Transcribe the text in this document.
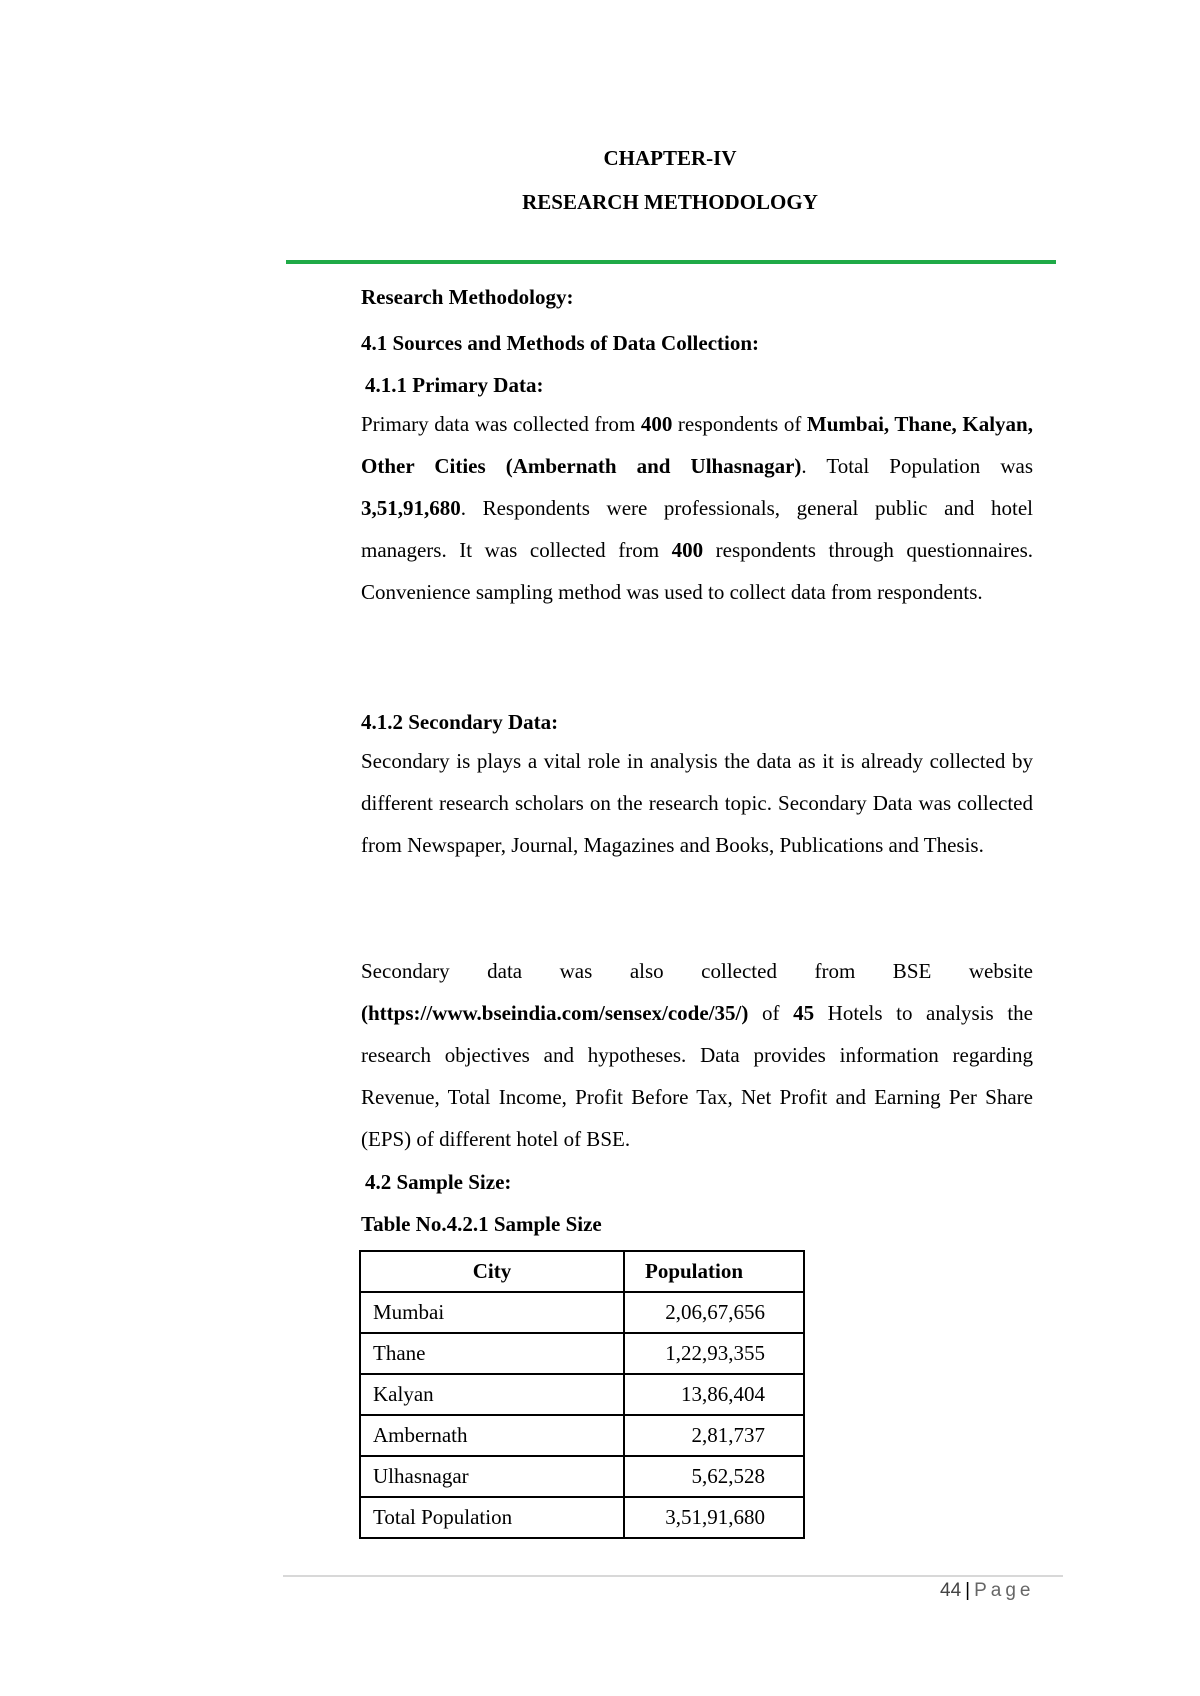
CHAPTER-IV
RESEARCH METHODOLOGY
Research Methodology:
4.1 Sources and Methods of Data Collection:
4.1.1 Primary Data:
Primary data was collected from 400 respondents of Mumbai, Thane, Kalyan, Other Cities (Ambernath and Ulhasnagar). Total Population was 3,51,91,680. Respondents were professionals, general public and hotel managers. It was collected from 400 respondents through questionnaires. Convenience sampling method was used to collect data from respondents.
4.1.2 Secondary Data:
Secondary is plays a vital role in analysis the data as it is already collected by different research scholars on the research topic. Secondary Data was collected from Newspaper, Journal, Magazines and Books, Publications and Thesis.
Secondary data was also collected from BSE website (https://www.bseindia.com/sensex/code/35/) of 45 Hotels to analysis the research objectives and hypotheses. Data provides information regarding Revenue, Total Income, Profit Before Tax, Net Profit and Earning Per Share (EPS) of different hotel of BSE.
4.2 Sample Size:
Table No.4.2.1 Sample Size
City	Population
Mumbai	2,06,67,656
Thane	1,22,93,355
Kalyan	13,86,404
Ambernath	2,81,737
Ulhasnagar	5,62,528
Total Population	3,51,91,680
44 | Page
